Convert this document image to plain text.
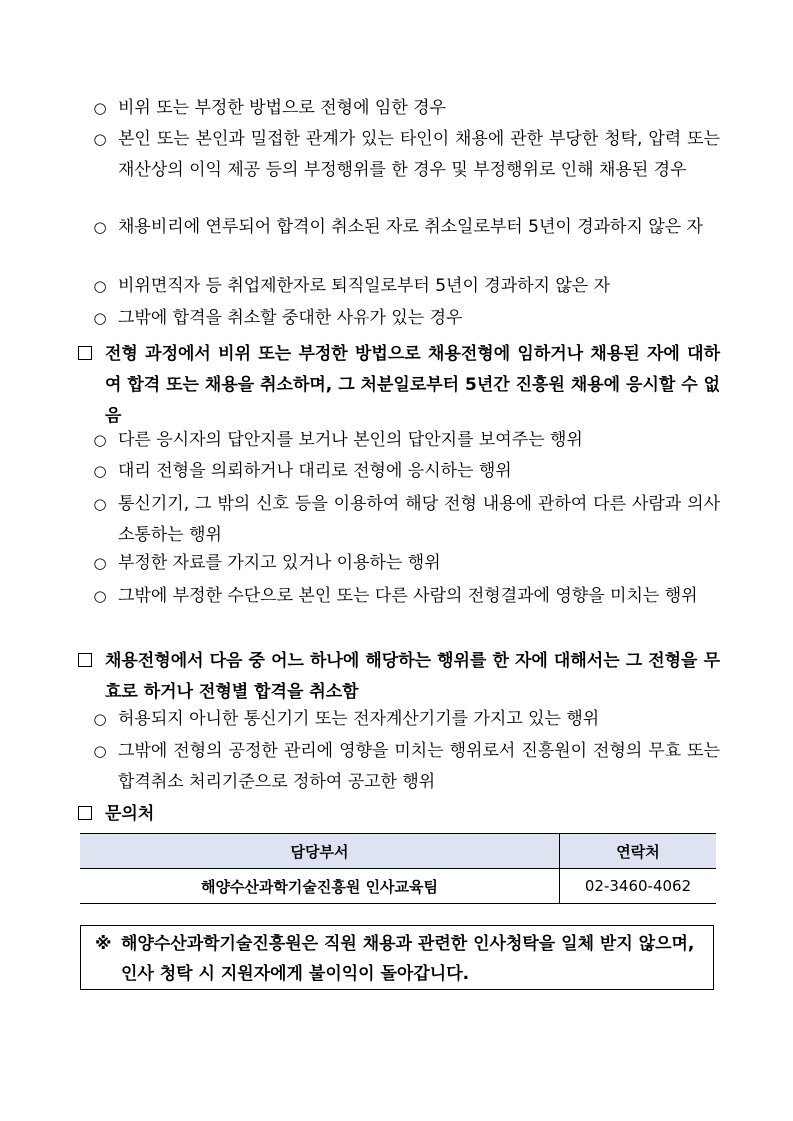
○ 비위 또는 부정한 방법으로 전형에 임한 경우
○ 본인 또는 본인과 밀접한 관계가 있는 타인이 채용에 관한 부당한 청탁, 압력 또는 재산상의 이익 제공 등의 부정행위를 한 경우 및 부정행위로 인해 채용된 경우
○ 채용비리에 연루되어 합격이 취소된 자로 취소일로부터 5년이 경과하지 않은 자
○ 비위면직자 등 취업제한자로 퇴직일로부터 5년이 경과하지 않은 자
○ 그밖에 합격을 취소할 중대한 사유가 있는 경우
전형 과정에서 비위 또는 부정한 방법으로 채용전형에 임하거나 채용된 자에 대하여 합격 또는 채용을 취소하며, 그 처분일로부터 5년간 진흥원 채용에 응시할 수 없음
○ 다른 응시자의 답안지를 보거나 본인의 답안지를 보여주는 행위
○ 대리 전형을 의뢰하거나 대리로 전형에 응시하는 행위
○ 통신기기, 그 밖의 신호 등을 이용하여 해당 전형 내용에 관하여 다른 사람과 의사소통하는 행위
○ 부정한 자료를 가지고 있거나 이용하는 행위
○ 그밖에 부정한 수단으로 본인 또는 다른 사람의 전형결과에 영향을 미치는 행위
채용전형에서 다음 중 어느 하나에 해당하는 행위를 한 자에 대해서는 그 전형을 무효로 하거나 전형별 합격을 취소함
○ 허용되지 아니한 통신기기 또는 전자계산기기를 가지고 있는 행위
○ 그밖에 전형의 공정한 관리에 영향을 미치는 행위로서 진흥원이 전형의 무효 또는 합격취소 처리기준으로 정하여 공고한 행위
문의처
담당부서	연락처
해양수산과학기술진흥원 인사교육팀	02-3460-4062
※ 해양수산과학기술진흥원은 직원 채용과 관련한 인사청탁을 일체 받지 않으며,
인사 청탁 시 지원자에게 불이익이 돌아갑니다.
